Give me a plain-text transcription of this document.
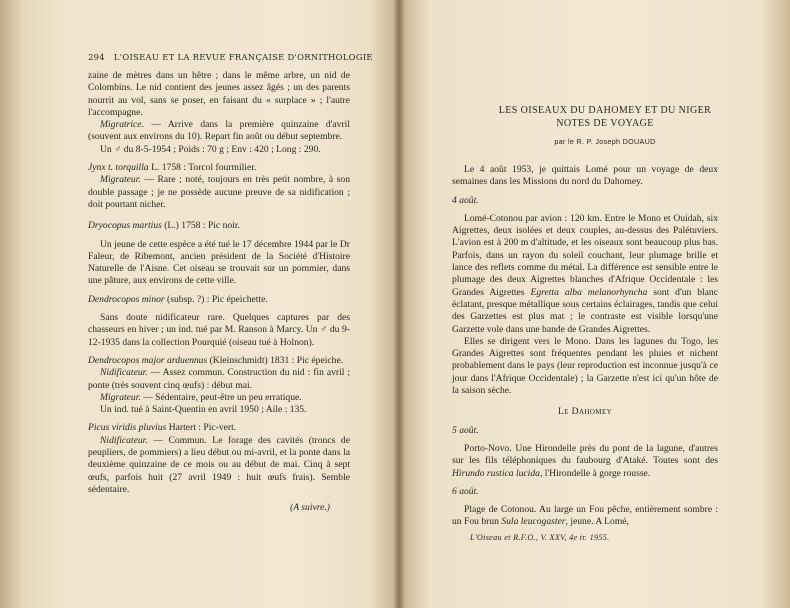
294 L'OISEAU ET LA REVUE FRANÇAISE D'ORNITHOLOGIE

zaine de mètres dans un hêtre ; dans le même arbre, un nid de Colombins. Le nid contient des jeunes assez âgés ; un des parents nourrit au vol, sans se poser, en faisant du « surplace » ; l'autre l'accompagne.

Migratrice. — Arrive dans la première quinzaine d'avril (souvent aux environs du 10). Repart fin août ou début septembre.

Un ♂ du 8-5-1954 ; Poids : 70 g ; Env : 420 ; Long : 290.

Jynx t. torquilla L. 1758 : Torcol fourmilier.

Migrateur. — Rare ; noté, toujours en très petit nombre, à son double passage ; je ne possède aucune preuve de sa nidification ; doit pourtant nicher.

Dryocopus martius (L.) 1758 : Pic noir.

Un jeune de cette espèce a été tué le 17 décembre 1944 par le Dr Faleur, de Ribemont, ancien président de la Société d'Histoire Naturelle de l'Aisne. Cet oiseau se trouvait sur un pommier, dans une pâture, aux environs de cette ville.

Dendrocopos minor (subsp. ?) : Pic épeichette.

Sans doute nidificateur rare. Quelques captures par des chasseurs en hiver ; un ind. tué par M. Ranson à Marcy. Un ♂ du 9-12-1935 dans la collection Pourquié (oiseau tué à Holnon).

Dendrocopos major arduennus (Kleinschmidt) 1831 : Pic épeiche.

Nidificateur. — Assez commun. Construction du nid : fin avril ; ponte (très souvent cinq œufs) : début mai.

Migrateur. — Sédentaire, peut-être un peu erratique.

Un ind. tué à Saint-Quentin en avril 1950 ; Aile : 135.

Picus viridis pluvius Hartert : Pic-vert.

Nidificateur. — Commun. Le forage des cavités (troncs de peupliers, de pommiers) a lieu début ou mi-avril, et la ponte dans la deuxième quinzaine de ce mois ou au début de mai. Cinq à sept œufs, parfois huit (27 avril 1949 : huit œufs frais). Semble sédentaire.

(A suivre.)

LES OISEAUX DU DAHOMEY ET DU NIGER
NOTES DE VOYAGE
par le R. P. Joseph DOUAUD

Le 4 août 1953, je quittais Lomé pour un voyage de deux semaines dans les Missions du nord du Dahomey.

4 août.

Lomé-Cotonou par avion : 120 km. Entre le Mono et Ouidah, six Aigrettes, deux isolées et deux couples, au-dessus des Palétuviers. L'avion est à 200 m d'altitude, et les oiseaux sont beaucoup plus bas. Parfois, dans un rayon du soleil couchant, leur plumage brille et lance des reflets comme du métal. La différence est sensible entre le plumage des deux Aigrettes blanches d'Afrique Occidentale : les Grandes Aigrettes Egretta alba melanorhyncha sont d'un blanc éclatant, presque métallique sous certains éclairages, tandis que celui des Garzettes est plus mat ; le contraste est visible lorsqu'une Garzette vole dans une bande de Grandes Aigrettes.

Elles se dirigent vers le Mono. Dans les lagunes du Togo, les Grandes Aigrettes sont fréquentes pendant les pluies et nichent probablement dans le pays (leur reproduction est inconnue jusqu'à ce jour dans l'Afrique Occidentale) ; la Garzette n'est ici qu'un hôte de la saison sèche.

Le Dahomey

5 août.

Porto-Novo. Une Hirondelle près du pont de la lagune, d'autres sur les fils téléphoniques du faubourg d'Ataké. Toutes sont des Hirundo rustica lucida, l'Hirondelle à gorge rousse.

6 août.

Plage de Cotonou. Au large un Fou pêche, entièrement sombre : un Fou brun Sula leucogaster, jeune. A Lomé,

L'Oiseau et R.F.O., V. XXV, 4e tr. 1955.
